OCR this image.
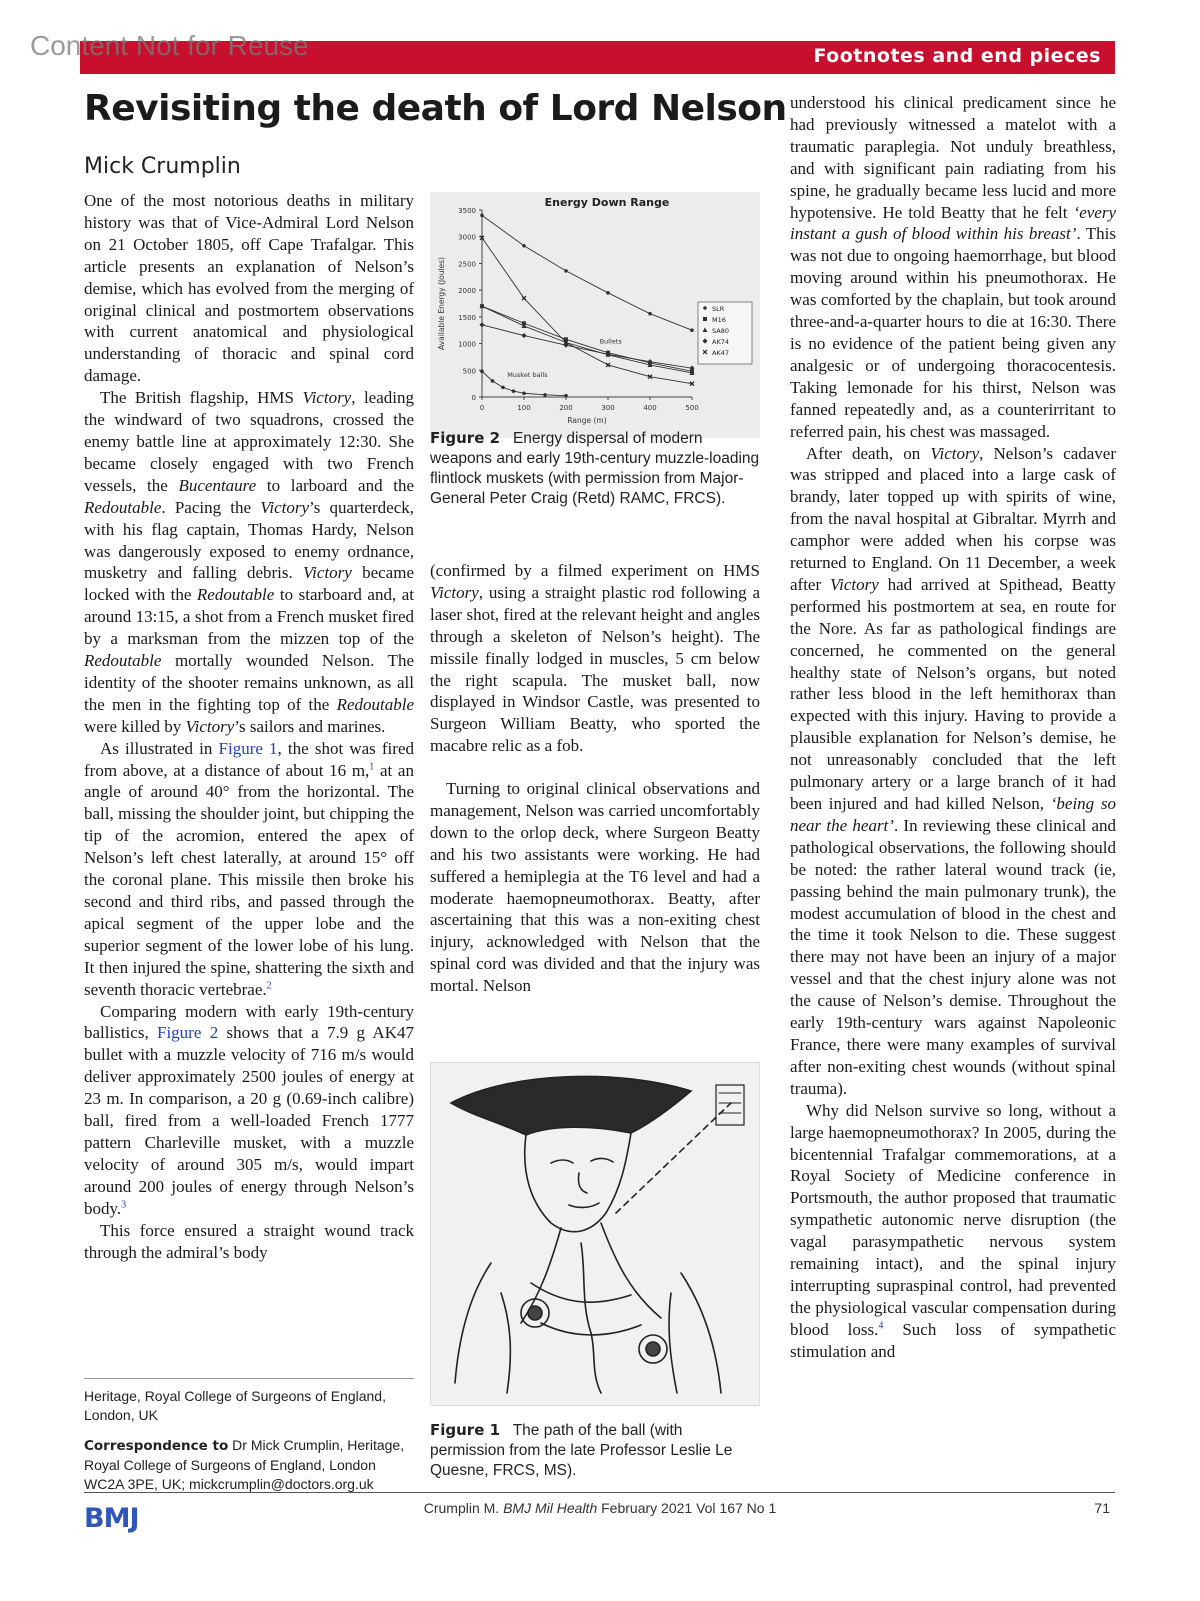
Content Not for Reuse	Footnotes and end pieces
Revisiting the death of Lord Nelson
Mick Crumplin

One of the most notorious deaths in military history was that of Vice-Admiral Lord Nelson on 21 October 1805, off Cape Trafalgar. This article presents an explanation of Nelson’s demise, which has evolved from the merging of original clinical and postmortem observations with current anatomical and physiological understanding of thoracic and spinal cord damage.

The British flagship, HMS Victory, leading the windward of two squadrons, crossed the enemy battle line at approximately 12:30. She became closely engaged with two French vessels, the Bucentaure to larboard and the Redoutable. Pacing the Victory’s quarterdeck, with his flag captain, Thomas Hardy, Nelson was dangerously exposed to enemy ordnance, musketry and falling debris. Victory became locked with the Redoutable to starboard and, at around 13:15, a shot from a French musket fired by a marksman from the mizzen top of the Redoutable mortally wounded Nelson. The identity of the shooter remains unknown, as all the men in the fighting top of the Redoutable were killed by Victory’s sailors and marines.

As illustrated in Figure 1, the shot was fired from above, at a distance of about 16 m,$^1$ at an angle of around 40° from the horizontal. The ball, missing the shoulder joint, but chipping the tip of the acromion, entered the apex of Nelson’s left chest laterally, at around 15° off the coronal plane. This missile then broke his second and third ribs, and passed through the apical segment of the upper lobe and the superior segment of the lower lobe of his lung. It then injured the spine, shattering the sixth and seventh thoracic vertebrae.$^2$

Comparing modern with early 19th-century ballistics, Figure 2 shows that a 7.9 g AK47 bullet with a muzzle velocity of 716 m/s would deliver approximately 2500 joules of energy at 23 m. In comparison, a 20 g (0.69-inch calibre) ball, fired from a well-loaded French 1777 pattern Charleville musket, with a muzzle velocity of around 305 m/s, would impart around 200 joules of energy through Nelson’s body.$^3$

This force ensured a straight wound track through the admiral’s body

Heritage, Royal College of Surgeons of England, London, UK
Correspondence to Dr Mick Crumplin, Heritage, Royal College of Surgeons of England, London WC2A 3PE, UK; mickcrumplin@doctors.org.uk
0
500
1000
1500
2000
2500
3000
3500
0	100	200	300	400	500
Energy Down Range
Range (m)
Available Energy (Joules)	Bullets
Musket balls
SLR
M16
SA80
AK74
AK47
Figure 2 Energy dispersal of modern weapons and early 19th-century muzzle-loading flintlock muskets (with permission from Major-General Peter Craig (Retd) RAMC, FRCS).

(confirmed by a filmed experiment on HMS Victory, using a straight plastic rod following a laser shot, fired at the relevant height and angles through a skeleton of Nelson’s height). The missile finally lodged in muscles, 5 cm below the right scapula. The musket ball, now displayed in Windsor Castle, was presented to Surgeon William Beatty, who sported the macabre relic as a fob.

Turning to original clinical observations and management, Nelson was carried uncomfortably down to the orlop deck, where Surgeon Beatty and his two assistants were working. He had suffered a hemiplegia at the T6 level and had a moderate haemopneumothorax. Beatty, after ascertaining that this was a non-exiting chest injury, acknowledged with Nelson that the spinal cord was divided and that the injury was mortal. Nelson

Figure 1 The path of the ball (with permission from the late Professor Leslie Le Quesne, FRCS, MS).

understood his clinical predicament since he had previously witnessed a matelot with a traumatic paraplegia. Not unduly breathless, and with significant pain radiating from his spine, he gradually became less lucid and more hypotensive. He told Beatty that he felt ‘every instant a gush of blood within his breast’. This was not due to ongoing haemorrhage, but blood moving around within his pneumothorax. He was comforted by the chaplain, but took around three-and-a-quarter hours to die at 16:30. There is no evidence of the patient being given any analgesic or of undergoing thoracocentesis. Taking lemonade for his thirst, Nelson was fanned repeatedly and, as a counterirritant to referred pain, his chest was massaged.

After death, on Victory, Nelson’s cadaver was stripped and placed into a large cask of brandy, later topped up with spirits of wine, from the naval hospital at Gibraltar. Myrrh and camphor were added when his corpse was returned to England. On 11 December, a week after Victory had arrived at Spithead, Beatty performed his postmortem at sea, en route for the Nore. As far as pathological findings are concerned, he commented on the general healthy state of Nelson’s organs, but noted rather less blood in the left hemithorax than expected with this injury. Having to provide a plausible explanation for Nelson’s demise, he not unreasonably concluded that the left pulmonary artery or a large branch of it had been injured and had killed Nelson, ‘being so near the heart’. In reviewing these clinical and pathological observations, the following should be noted: the rather lateral wound track (ie, passing behind the main pulmonary trunk), the modest accumulation of blood in the chest and the time it took Nelson to die. These suggest there may not have been an injury of a major vessel and that the chest injury alone was not the cause of Nelson’s demise. Throughout the early 19th-century wars against Napoleonic France, there were many examples of survival after non-exiting chest wounds (without spinal trauma).

Why did Nelson survive so long, without a large haemopneumothorax? In 2005, during the bicentennial Trafalgar commemorations, at a Royal Society of Medicine conference in Portsmouth, the author proposed that traumatic sympathetic autonomic nerve disruption (the vagal parasympathetic nervous system remaining intact), and the spinal injury interrupting supraspinal control, had prevented the physiological vascular compensation during blood loss.$^4$ Such loss of sympathetic stimulation and

BMJ	Crumplin M. BMJ Mil Health February 2021 Vol 167 No 1	71
